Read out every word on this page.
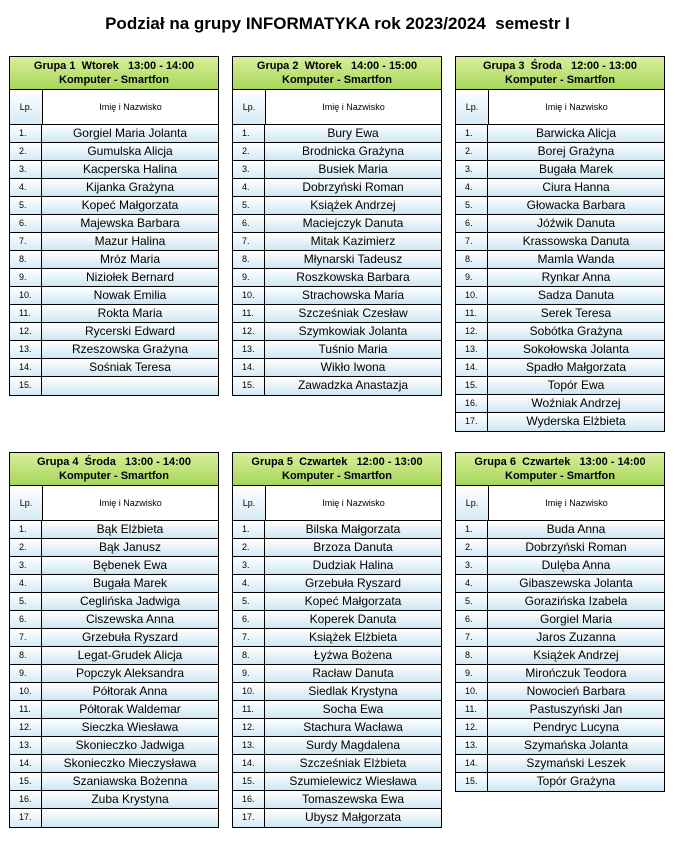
Podział na grupy INFORMATYKA rok 2023/2024  semestr I
Grupa 1  Wtorek   13:00 - 14:00
Komputer - Smartfon
Lp.	Imię i Nazwisko
1.	Gorgiel Maria Jolanta
2.	Gumulska Alicja
3.	Kacperska Halina
4.	Kijanka Grażyna
5.	Kopeć Małgorzata
6.	Majewska Barbara
7.	Mazur Halina
8.	Mróz Maria
9.	Niziołek Bernard
10.	Nowak Emilia
11.	Rokta Maria
12.	Rycerski Edward
13.	Rzeszowska Grażyna
14.	Sośniak Teresa
15.
Grupa 2  Wtorek   14:00 - 15:00
Komputer - Smartfon
Lp.	Imię i Nazwisko
1.	Bury Ewa
2.	Brodnicka Grażyna
3.	Busiek Maria
4.	Dobrzyński Roman
5.	Książek Andrzej
6.	Maciejczyk Danuta
7.	Mitak Kazimierz
8.	Młynarski Tadeusz
9.	Roszkowska Barbara
10.	Strachowska Maria
11.	Szcześniak Czesław
12.	Szymkowiak Jolanta
13.	Tuśnio Maria
14.	Wikło Iwona
15.	Zawadzka Anastazja
Grupa 3  Środa   12:00 - 13:00
Komputer - Smartfon
Lp.	Imię i Nazwisko
1.	Barwicka Alicja
2.	Borej Grażyna
3.	Bugała Marek
4.	Ciura Hanna
5.	Głowacka Barbara
6.	Jóźwik Danuta
7.	Krassowska Danuta
8.	Mamla Wanda
9.	Rynkar Anna
10.	Sadza Danuta
11.	Serek Teresa
12.	Sobótka Grażyna
13.	Sokołowska Jolanta
14.	Spadło Małgorzata
15.	Topór Ewa
16.	Woźniak Andrzej
17.	Wyderska Elżbieta
Grupa 4  Środa   13:00 - 14:00
Komputer - Smartfon
Lp.	Imię i Nazwisko
1.	Bąk Elżbieta
2.	Bąk Janusz
3.	Bębenek Ewa
4.	Bugała Marek
5.	Ceglińska Jadwiga
6.	Ciszewska Anna
7.	Grzebuła Ryszard
8.	Legat-Grudek Alicja
9.	Popczyk Aleksandra
10.	Półtorak Anna
11.	Półtorak Waldemar
12.	Sieczka Wiesława
13.	Skonieczko Jadwiga
14.	Skonieczko Mieczysława
15.	Szaniawska Bożenna
16.	Zuba Krystyna
17.
Grupa 5  Czwartek   12:00 - 13:00
Komputer - Smartfon
Lp.	Imię i Nazwisko
1.	Bilska Małgorzata
2.	Brzoza Danuta
3.	Dudziak Halina
4.	Grzebuła Ryszard
5.	Kopeć Małgorzata
6.	Koperek Danuta
7.	Książek Elżbieta
8.	Łyżwa Bożena
9.	Racław Danuta
10.	Siedlak Krystyna
11.	Socha Ewa
12.	Stachura Wacława
13.	Surdy Magdalena
14.	Szcześniak Elżbieta
15.	Szumielewicz Wiesława
16.	Tomaszewska Ewa
17.	Ubysz Małgorzata
Grupa 6  Czwartek   13:00 - 14:00
Komputer - Smartfon
Lp.	Imię i Nazwisko
1.	Buda Anna
2.	Dobrzyński Roman
3.	Dulęba Anna
4.	Gibaszewska Jolanta
5.	Gorazińska Izabela
6.	Gorgiel Maria
7.	Jaros Zuzanna
8.	Książek Andrzej
9.	Mirończuk Teodora
10.	Nowocień Barbara
11.	Pastuszyński Jan
12.	Pendryc Lucyna
13.	Szymańska Jolanta
14.	Szymański Leszek
15.	Topór Grażyna
